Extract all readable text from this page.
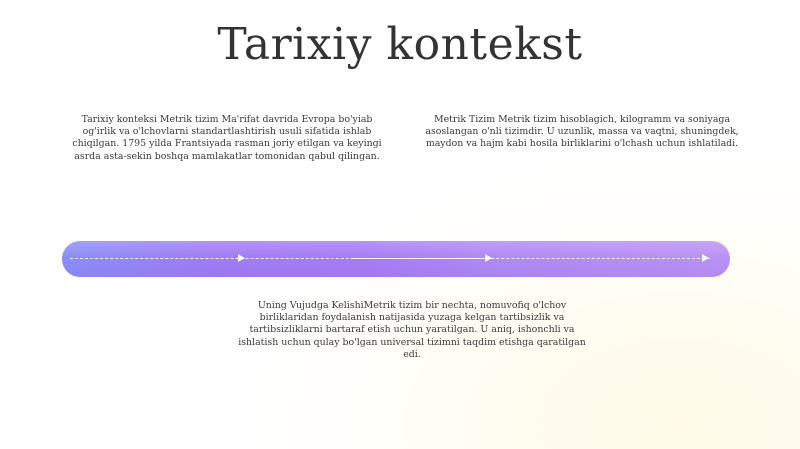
Tarixiy kontekst
Tarixiy konteksi Metrik tizim Ma'rifat davrida Evropa bo'yiab og'irlik va o'lchovlarni standartlashtirish usuli sifatida ishlab chiqilgan. 1795 yilda Frantsiyada rasman joriy etilgan va keyingi asrda asta-sekin boshqa mamlakatlar tomonidan qabul qilingan.
Metrik Tizim Metrik tizim hisoblagich, kilogramm va soniyaga asoslangan o'nli tizimdir. U uzunlik, massa va vaqtni, shuningdek, maydon va hajm kabi hosila birliklarini o'lchash uchun ishlatiladi.
Uning Vujudga KelishiMetrik tizim bir nechta, nomuvofiq o'lchov birliklaridan foydalanish natijasida yuzaga kelgan tartibsizlik va tartibsizliklarni bartaraf etish uchun yaratilgan. U aniq, ishonchli va ishlatish uchun qulay bo'lgan universal tizimni taqdim etishga qaratilgan edi.
